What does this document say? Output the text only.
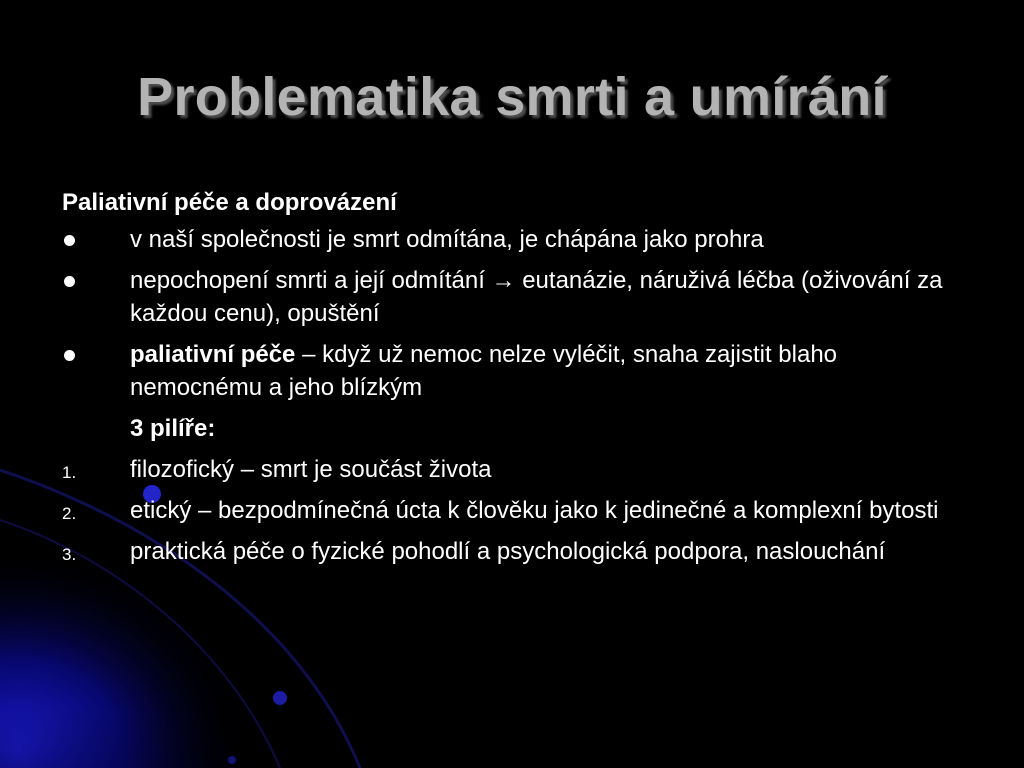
Problematika smrti a umírání
Paliativní péče a doprovázení
v naší společnosti je smrt odmítána, je chápána jako prohra
nepochopení smrti a její odmítání → eutanázie, náruživá léčba (oživování za každou cenu), opuštění
paliativní péče – když už nemoc nelze vyléčit, snaha zajistit blaho nemocnému a jeho blízkým
3 pilíře:
1. filozofický – smrt je součást života
2. etický – bezpodmínečná úcta k člověku jako k jedinečné a komplexní bytosti
3. praktická péče o fyzické pohodlí a psychologická podpora, naslouchání
